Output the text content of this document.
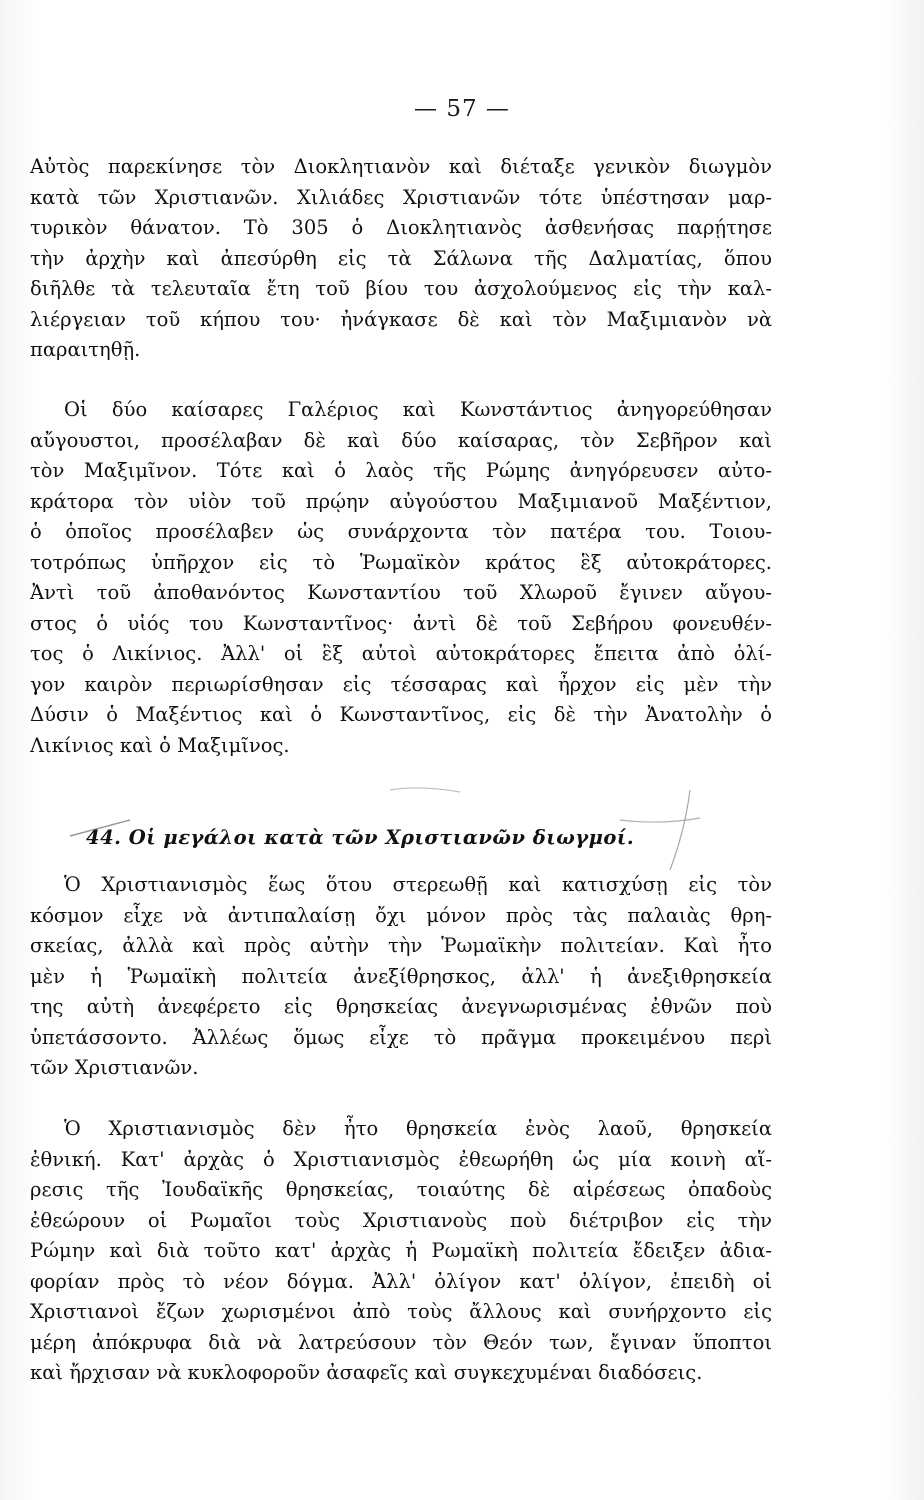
— 57 —
Αὐτὸς παρεκίνησε τὸν Διοκλητιανὸν καὶ διέταξε γενικὸν διωγμὸν
κατὰ τῶν Χριστιανῶν. Χιλιάδες Χριστιανῶν τότε ὑπέστησαν μαρ-
τυρικὸν θάνατον. Τὸ 305 ὁ Διοκλητιανὸς ἀσθενήσας παρῄτησε
τὴν ἀρχὴν καὶ ἀπεσύρθη εἰς τὰ Σάλωνα τῆς Δαλματίας, ὅπου
διῆλθε τὰ τελευταῖα ἔτη τοῦ βίου του ἀσχολούμενος εἰς τὴν καλ-
λιέργειαν τοῦ κήπου του· ἠνάγκασε δὲ καὶ τὸν Μαξιμιανὸν νὰ
παραιτηθῇ.
Οἱ δύο καίσαρες Γαλέριος καὶ Κωνστάντιος ἀνηγορεύθησαν
αὔγουστοι, προσέλαβαν δὲ καὶ δύο καίσαρας, τὸν Σεβῆρον καὶ
τὸν Μαξιμῖνον. Τότε καὶ ὁ λαὸς τῆς Ρώμης ἀνηγόρευσεν αὐτο-
κράτορα τὸν υἱὸν τοῦ πρῴην αὐγούστου Μαξιμιανοῦ Μαξέντιον,
ὁ ὁποῖος προσέλαβεν ὡς συνάρχοντα τὸν πατέρα του. Τοιου-
τοτρόπως ὑπῆρχον εἰς τὸ Ῥωμαϊκὸν κράτος ἓξ αὐτοκράτορες.
Ἀντὶ τοῦ ἀποθανόντος Κωνσταντίου τοῦ Χλωροῦ ἔγινεν αὔγου-
στος ὁ υἱός του Κωνσταντῖνος· ἀντὶ δὲ τοῦ Σεβήρου φονευθέν-
τος ὁ Λικίνιος. Ἀλλ' οἱ ἓξ αὐτοὶ αὐτοκράτορες ἔπειτα ἀπὸ ὀλί-
γον καιρὸν περιωρίσθησαν εἰς τέσσαρας καὶ ἦρχον εἰς μὲν τὴν
Δύσιν ὁ Μαξέντιος καὶ ὁ Κωνσταντῖνος, εἰς δὲ τὴν Ἀνατολὴν ὁ
Λικίνιος καὶ ὁ Μαξιμῖνος.
44. Οἱ μεγάλοι κατὰ τῶν Χριστιανῶν διωγμοί.
Ὁ Χριστιανισμὸς ἕως ὅτου στερεωθῇ καὶ κατισχύσῃ εἰς τὸν
κόσμον εἶχε νὰ ἀντιπαλαίσῃ ὄχι μόνον πρὸς τὰς παλαιὰς θρη-
σκείας, ἀλλὰ καὶ πρὸς αὐτὴν τὴν Ῥωμαϊκὴν πολιτείαν. Καὶ ἦτο
μὲν ἡ Ῥωμαϊκὴ πολιτεία ἀνεξίθρησκος, ἀλλ' ἡ ἀνεξιθρησκεία
της αὐτὴ ἀνεφέρετο εἰς θρησκείας ἀνεγνωρισμένας ἐθνῶν ποὺ
ὑπετάσσοντο. Ἀλλέως ὅμως εἶχε τὸ πρᾶγμα προκειμένου περὶ
τῶν Χριστιανῶν.
Ὁ Χριστιανισμὸς δὲν ἦτο θρησκεία ἑνὸς λαοῦ, θρησκεία
ἐθνική. Κατ' ἀρχὰς ὁ Χριστιανισμὸς ἐθεωρήθη ὡς μία κοινὴ αἵ-
ρεσις τῆς Ἰουδαϊκῆς θρησκείας, τοιαύτης δὲ αἱρέσεως ὀπαδοὺς
ἐθεώρουν οἱ Ρωμαῖοι τοὺς Χριστιανοὺς ποὺ διέτριβον εἰς τὴν
Ρώμην καὶ διὰ τοῦτο κατ' ἀρχὰς ἡ Ρωμαϊκὴ πολιτεία ἔδειξεν ἀδια-
φορίαν πρὸς τὸ νέον δόγμα. Ἀλλ' ὀλίγον κατ' ὀλίγον, ἐπειδὴ οἱ
Χριστιανοὶ ἔζων χωρισμένοι ἀπὸ τοὺς ἄλλους καὶ συνήρχοντο εἰς
μέρη ἀπόκρυφα διὰ νὰ λατρεύσουν τὸν Θεόν των, ἔγιναν ὕποπτοι
καὶ ἤρχισαν νὰ κυκλοφοροῦν ἀσαφεῖς καὶ συγκεχυμέναι διαδόσεις.
